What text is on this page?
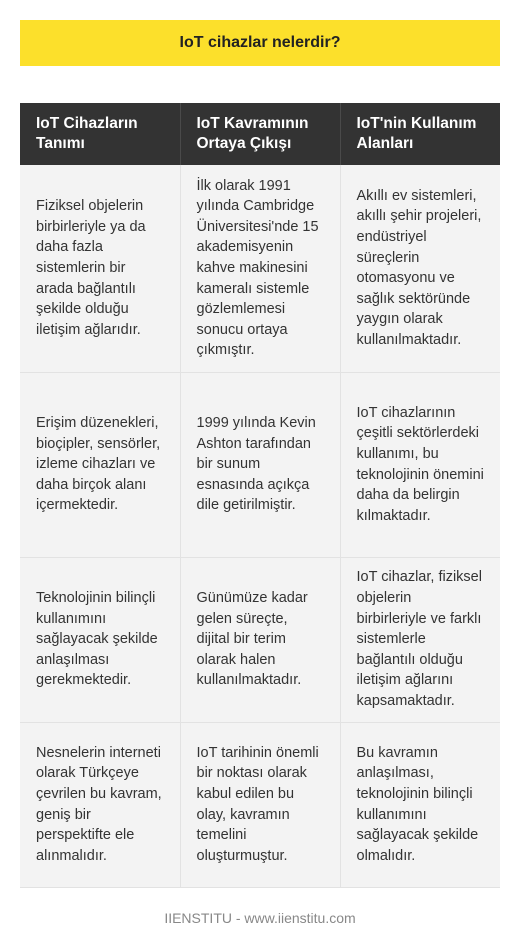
IoT cihazlar nelerdir?
IoT Cihazların Tanımı	IoT Kavramının Ortaya Çıkışı	IoT'nin Kullanım Alanları
Fiziksel objelerin birbirleriyle ya da daha fazla sistemlerin bir arada bağlantılı şekilde olduğu iletişim ağlarıdır.	İlk olarak 1991 yılında Cambridge Üniversitesi'nde 15 akademisyenin kahve makinesini kameralı sistemle gözlemlemesi sonucu ortaya çıkmıştır.	Akıllı ev sistemleri, akıllı şehir projeleri, endüstriyel süreçlerin otomasyonu ve sağlık sektöründe yaygın olarak kullanılmaktadır.
Erişim düzenekleri, bioçipler, sensörler, izleme cihazları ve daha birçok alanı içermektedir.	1999 yılında Kevin Ashton tarafından bir sunum esnasında açıkça dile getirilmiştir.	IoT cihazlarının çeşitli sektörlerdeki kullanımı, bu teknolojinin önemini daha da belirgin kılmaktadır.
Teknolojinin bilinçli kullanımını sağlayacak şekilde anlaşılması gerekmektedir.	Günümüze kadar gelen süreçte, dijital bir terim olarak halen kullanılmaktadır.	IoT cihazlar, fiziksel objelerin birbirleriyle ve farklı sistemlerle bağlantılı olduğu iletişim ağlarını kapsamaktadır.
Nesnelerin interneti olarak Türkçeye çevrilen bu kavram, geniş bir perspektifte ele alınmalıdır.	IoT tarihinin önemli bir noktası olarak kabul edilen bu olay, kavramın temelini oluşturmuştur.	Bu kavramın anlaşılması, teknolojinin bilinçli kullanımını sağlayacak şekilde olmalıdır.
IIENSTITU - www.iienstitu.com
